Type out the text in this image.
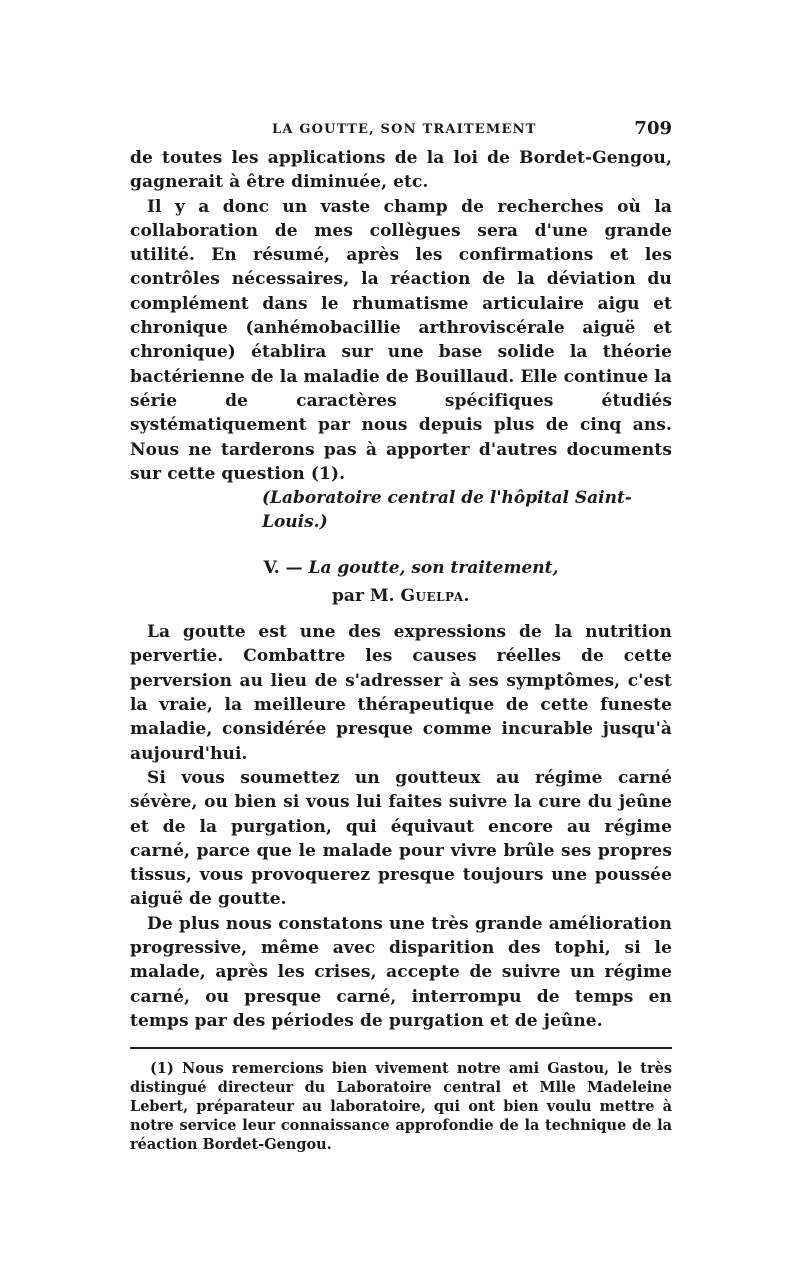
LA GOUTTE, SON TRAITEMENT	709

de toutes les applications de la loi de Bordet-Gengou, gagnerait à être diminuée, etc.

Il y a donc un vaste champ de recherches où la collaboration de mes collègues sera d'une grande utilité. En résumé, après les confirmations et les contrôles nécessaires, la réaction de la déviation du complément dans le rhumatisme articulaire aigu et chronique (anhémobacillie arthroviscérale aiguë et chronique) établira sur une base solide la théorie bactérienne de la maladie de Bouillaud. Elle continue la série de caractères spécifiques étudiés systématiquement par nous depuis plus de cinq ans. Nous ne tarderons pas à apporter d'autres documents sur cette question (1).

(Laboratoire central de l'hôpital Saint-Louis.)

V. — La goutte, son traitement,
par M. Guelpa.

La goutte est une des expressions de la nutrition pervertie. Combattre les causes réelles de cette perversion au lieu de s'adresser à ses symptômes, c'est la vraie, la meilleure thérapeutique de cette funeste maladie, considérée presque comme incurable jusqu'à aujourd'hui.

Si vous soumettez un goutteux au régime carné sévère, ou bien si vous lui faites suivre la cure du jeûne et de la purgation, qui équivaut encore au régime carné, parce que le malade pour vivre brûle ses propres tissus, vous provoquerez presque toujours une poussée aiguë de goutte.

De plus nous constatons une très grande amélioration progressive, même avec disparition des tophi, si le malade, après les crises, accepte de suivre un régime carné, ou presque carné, interrompu de temps en temps par des périodes de purgation et de jeûne.

(1) Nous remercions bien vivement notre ami Gastou, le très distingué directeur du Laboratoire central et Mlle Madeleine Lebert, préparateur au laboratoire, qui ont bien voulu mettre à notre service leur connaissance approfondie de la technique de la réaction Bordet-Gengou.
